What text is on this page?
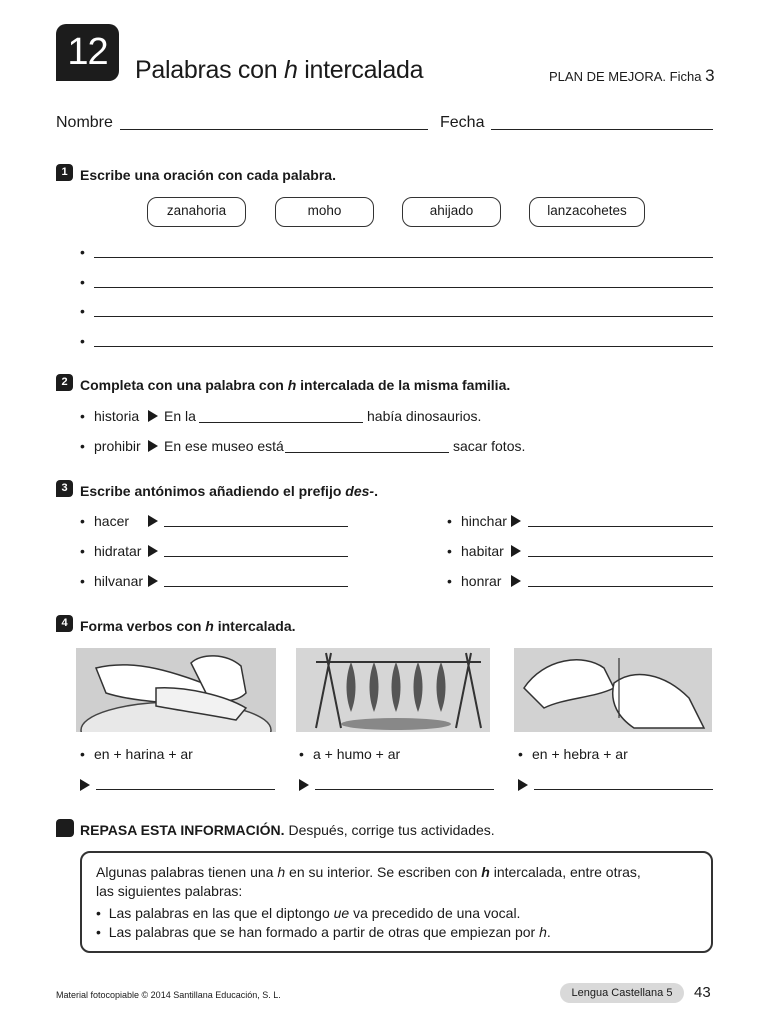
12	Palabras con h intercalada	PLAN DE MEJORA. Ficha 3
Nombre	Fecha
1 Escribe una oración con cada palabra.
zanahoria	moho	ahijado	lanzacohetes
•
•
•
•
2 Completa con una palabra con h intercalada de la misma familia.
• historia En la	había dinosaurios.
• prohibir En ese museo está	sacar fotos.
3 Escribe antónimos añadiendo el prefijo des-.
• hacer
• hidratar
• hilvanar
• hinchar
• habitar
• honrar
4 Forma verbos con h intercalada.
• en + harina + ar	• a + humo + ar	• en + hebra + ar
REPASA ESTA INFORMACIÓN. Después, corrige tus actividades.
Algunas palabras tienen una h en su interior. Se escriben con h intercalada, entre otras,
las siguientes palabras:
• Las palabras en las que el diptongo ue va precedido de una vocal.
• Las palabras que se han formado a partir de otras que empiezan por h.
Material fotocopiable © 2014 Santillana Educación, S. L.	Lengua Castellana 5	43
